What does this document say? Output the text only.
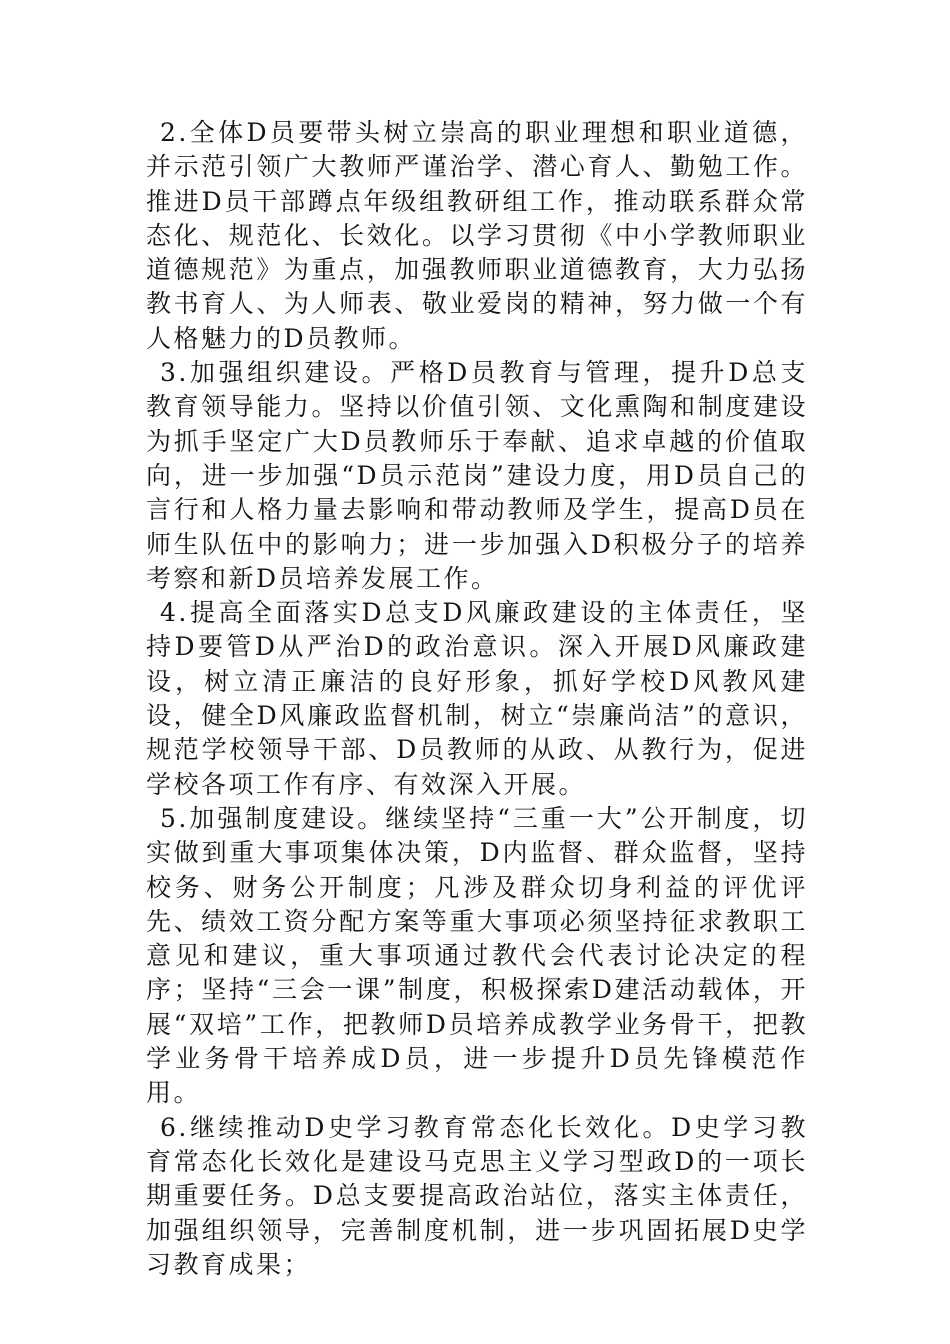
2.全体D员要带头树立崇高的职业理想和职业道德，并示范引领广大教师严谨治学、潜心育人、勤勉工作。推进D员干部蹲点年级组教研组工作，推动联系群众常态化、规范化、长效化。以学习贯彻《中小学教师职业道德规范》为重点，加强教师职业道德教育，大力弘扬教书育人、为人师表、敬业爱岗的精神，努力做一个有人格魅力的D员教师。

3.加强组织建设。严格D员教育与管理，提升D总支教育领导能力。坚持以价值引领、文化熏陶和制度建设为抓手坚定广大D员教师乐于奉献、追求卓越的价值取向，进一步加强“D员示范岗”建设力度，用D员自己的言行和人格力量去影响和带动教师及学生，提高D员在师生队伍中的影响力；进一步加强入D积极分子的培养考察和新D员培养发展工作。

4.提高全面落实D总支D风廉政建设的主体责任，坚持D要管D从严治D的政治意识。深入开展D风廉政建设，树立清正廉洁的良好形象，抓好学校D风教风建设，健全D风廉政监督机制，树立“崇廉尚洁”的意识，规范学校领导干部、D员教师的从政、从教行为，促进学校各项工作有序、有效深入开展。

5.加强制度建设。继续坚持“三重一大”公开制度，切实做到重大事项集体决策，D内监督、群众监督，坚持校务、财务公开制度；凡涉及群众切身利益的评优评先、绩效工资分配方案等重大事项必须坚持征求教职工意见和建议，重大事项通过教代会代表讨论决定的程序；坚持“三会一课”制度，积极探索D建活动载体，开展“双培”工作，把教师D员培养成教学业务骨干，把教学业务骨干培养成D员，进一步提升D员先锋模范作用。

6.继续推动D史学习教育常态化长效化。D史学习教育常态化长效化是建设马克思主义学习型政D的一项长期重要任务。D总支要提高政治站位，落实主体责任，加强组织领导，完善制度机制，进一步巩固拓展D史学习教育成果；
